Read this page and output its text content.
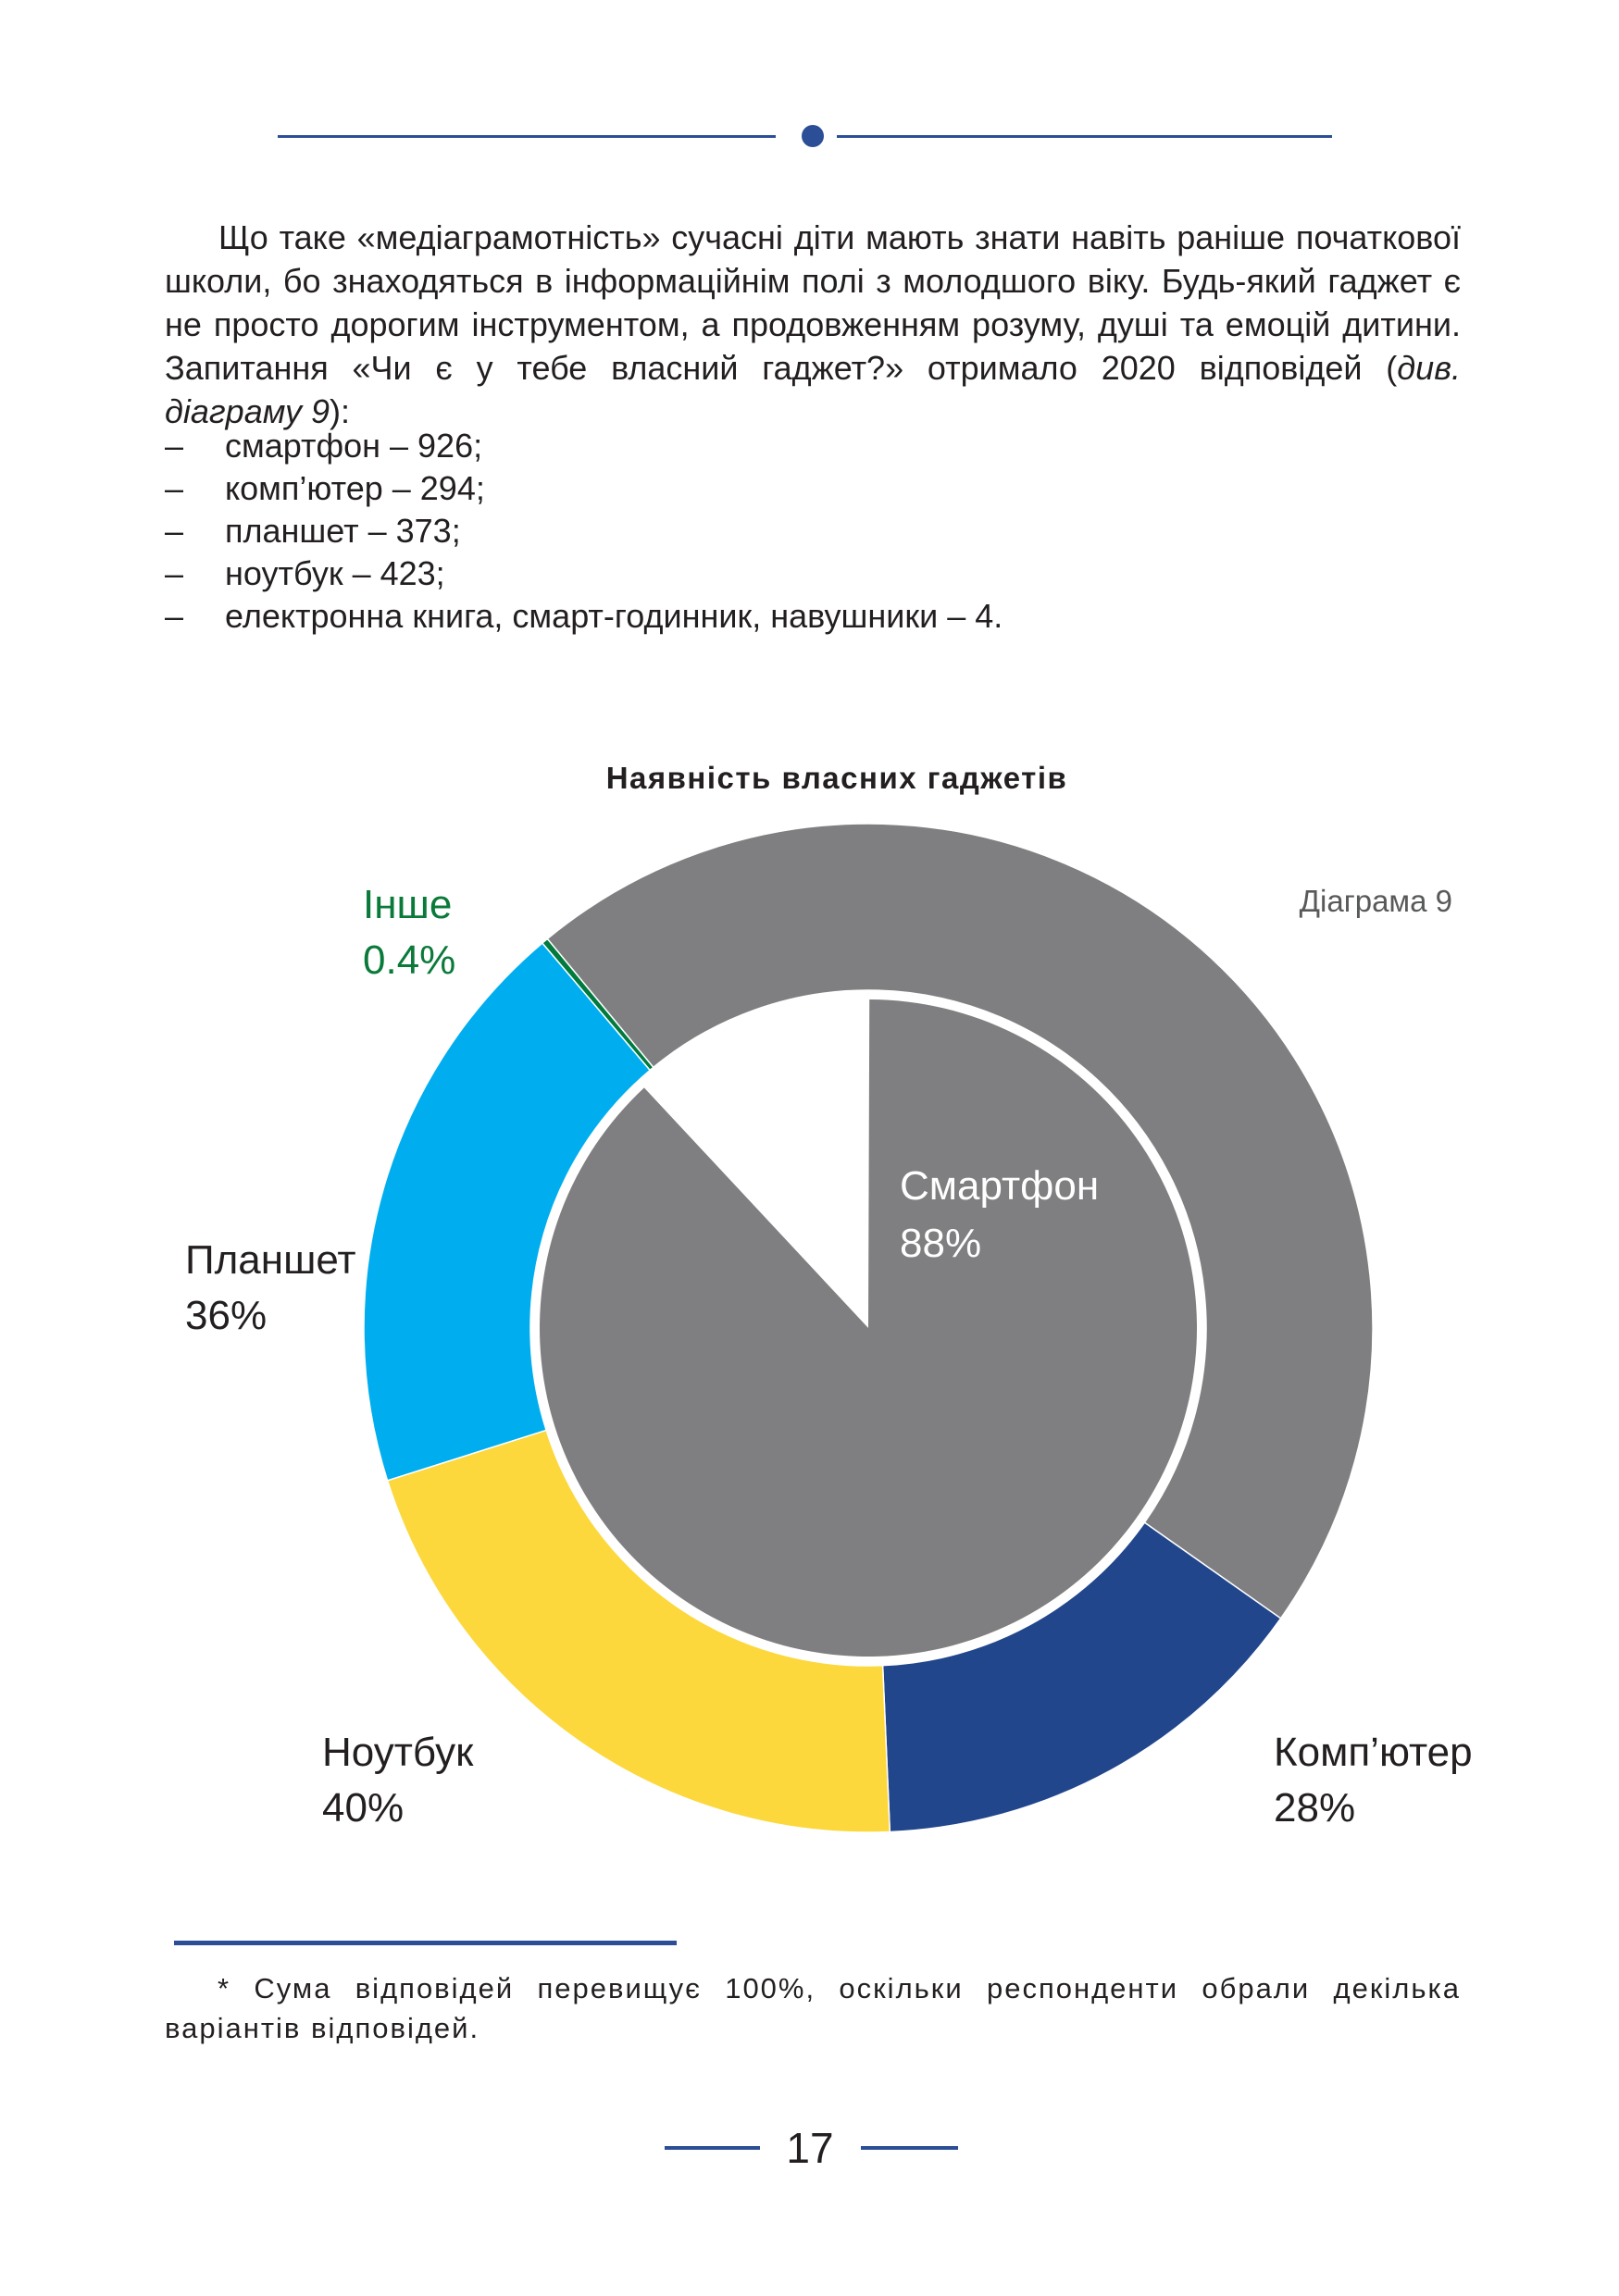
Що таке «медіаграмотність» сучасні діти мають знати навіть раніше початкової школи, бо знаходяться в інформаційнім полі з молодшого віку. Будь-який гаджет є не просто дорогим інструментом, а продовженням розуму, душі та емоцій дитини. Запитання «Чи є у тебе власний гаджет?» отримало 2020 відповідей (див. діаграму 9):

– смартфон – 926;
– комп’ютер – 294;
– планшет – 373;
– ноутбук – 423;
– електронна книга, смарт-годинник, навушники – 4.
Наявність власних гаджетів
Діаграма 9
Смартфон
88%
Комп’ютер
28%
Ноутбук
40%
Планшет
36%
Інше
0.4%

* Сума відповідей перевищує 100%, оскільки респонденти обрали декілька варіантів відповідей.

17
